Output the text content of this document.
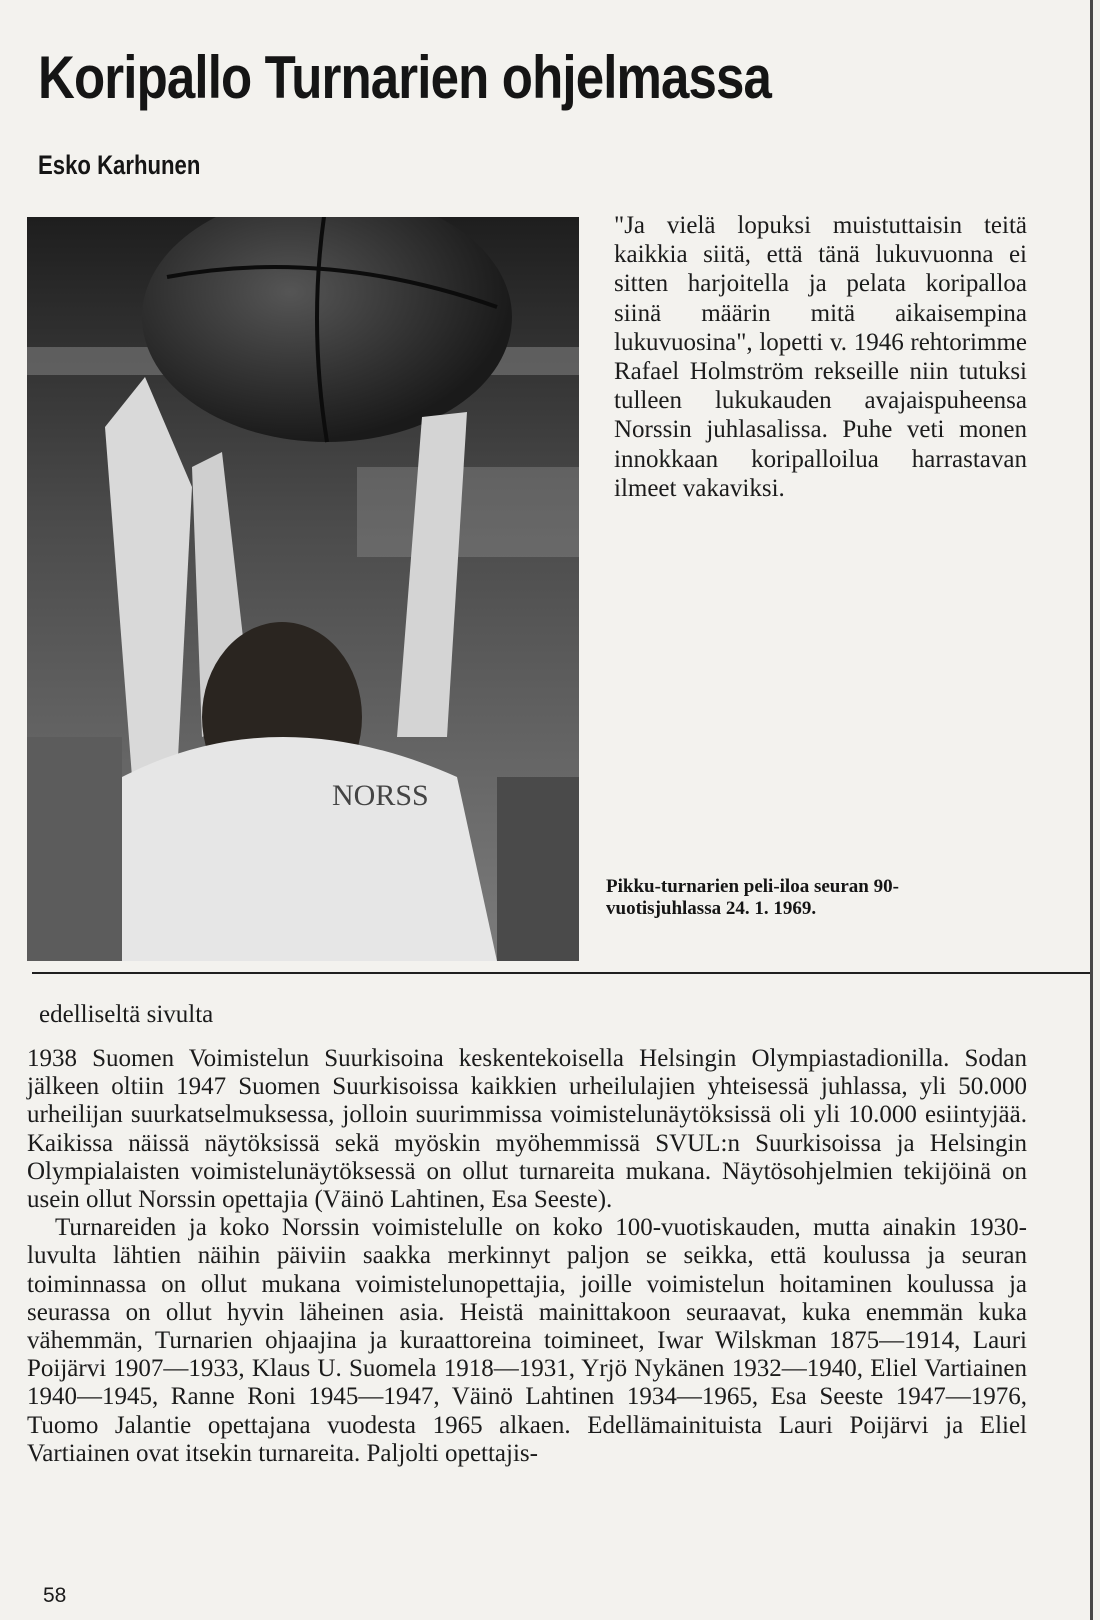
Koripallo Turnarien ohjelmassa
Esko Karhunen
NORSS

"Ja vielä lopuksi muistuttaisin teitä kaikkia siitä, että tänä lukuvuonna ei sitten harjoitella ja pelata koripalloa siinä määrin mitä aikaisempina lukuvuosina", lopetti v. 1946 rehtorimme Rafael Holmström rekseille niin tutuksi tulleen lukukauden avajaispuheensa Norssin juhlasalissa. Puhe veti monen innokkaan koripalloilua harrastavan ilmeet vakaviksi.

Pikku-turnarien peli-iloa seuran 90-vuotisjuhlassa 24. 1. 1969.

edelliseltä sivulta

1938 Suomen Voimistelun Suurkisoina keskentekoisella Helsingin Olympiastadionilla. Sodan jälkeen oltiin 1947 Suomen Suurkisoissa kaikkien urheilulajien yhteisessä juhlassa, yli 50.000 urheilijan suurkatselmuksessa, jolloin suurimmissa voimistelunäytöksissä oli yli 10.000 esiintyjää. Kaikissa näissä näytöksissä sekä myöskin myöhemmissä SVUL:n Suurkisoissa ja Helsingin Olympialaisten voimistelunäytöksessä on ollut turnareita mukana. Näytösohjelmien tekijöinä on usein ollut Norssin opettajia (Väinö Lahtinen, Esa Seeste).

Turnareiden ja koko Norssin voimistelulle on koko 100-vuotiskauden, mutta ainakin 1930-luvulta lähtien näihin päiviin saakka merkinnyt paljon se seikka, että koulussa ja seuran toiminnassa on ollut mukana voimistelunopettajia, joille voimistelun hoitaminen koulussa ja seurassa on ollut hyvin läheinen asia. Heistä mainittakoon seuraavat, kuka enemmän kuka vähemmän, Turnarien ohjaajina ja kuraattoreina toimineet, Iwar Wilskman 1875—1914, Lauri Poijärvi 1907—1933, Klaus U. Suomela 1918—1931, Yrjö Nykänen 1932—1940, Eliel Vartiainen 1940—1945, Ranne Roni 1945—1947, Väinö Lahtinen 1934—1965, Esa Seeste 1947—1976, Tuomo Jalantie opettajana vuodesta 1965 alkaen. Edellämainituista Lauri Poijärvi ja Eliel Vartiainen ovat itsekin turnareita. Paljolti opettajis-

58
